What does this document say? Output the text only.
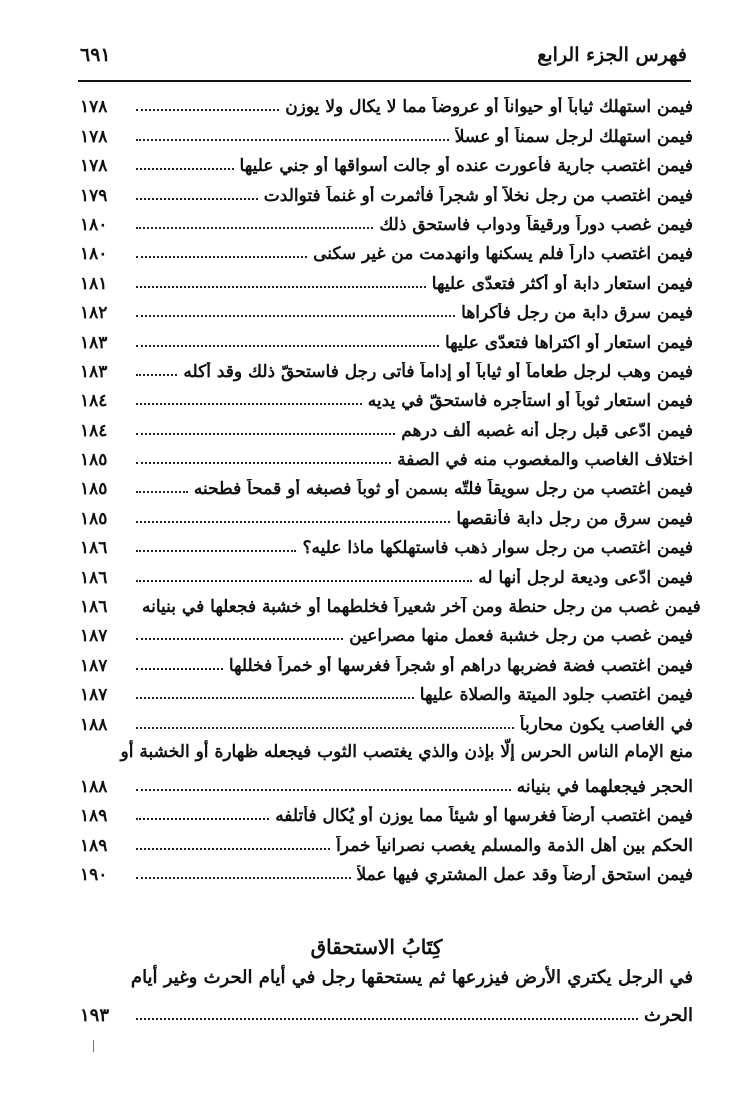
فهرس الجزء الرابع
٦٩١
١٧٨	فيمن استهلك ثياباً أو حيواناً أو عروضاً مما لا يكال ولا يوزن
١٧٨	فيمن استهلك لرجل سمناً أو عسلاً
١٧٨	فيمن اغتصب جارية فأعورت عنده أو جالت أسواقها أو جني عليها
١٧٩	فيمن اغتصب من رجل نخلاً أو شجراً فأثمرت أو غنماً فتوالدت
١٨٠	فيمن غصب دوراً ورقيقاً ودواب فاستحق ذلك
١٨٠	فيمن اغتصب داراً فلم يسكنها وانهدمت من غير سكنى
١٨١	فيمن استعار دابة أو أكثر فتعدّى عليها
١٨٢	فيمن سرق دابة من رجل فأكراها
١٨٣	فيمن استعار أو اكتراها فتعدّى عليها
١٨٣	فيمن وهب لرجل طعاماً أو ثياباً أو إداماً فأتى رجل فاستحقّ ذلك وقد أكله
١٨٤	فيمن استعار ثوباً أو استأجره فاستحقّ في يديه
١٨٤	فيمن ادّعى قبل رجل أنه غصبه ألف درهم
١٨٥	اختلاف الغاصب والمغصوب منه في الصفة
١٨٥	فيمن اغتصب من رجل سويقاً فلتّه بسمن أو ثوباً فصبغه أو قمحاً فطحنه
١٨٥	فيمن سرق من رجل دابة فأنقصها
١٨٦	فيمن اغتصب من رجل سوار ذهب فاستهلكها ماذا عليه؟
١٨٦	فيمن ادّعى وديعة لرجل أنها له
١٨٦	فيمن غصب من رجل حنطة ومن آخر شعيراً فخلطهما أو خشبة فجعلها في بنيانه
١٨٧	فيمن غصب من رجل خشبة فعمل منها مصراعين
١٨٧	فيمن اغتصب فضة فضربها دراهم أو شجراً فغرسها أو خمراً فخللها
١٨٧	فيمن اغتصب جلود الميتة والصلاة عليها
١٨٨	في الغاصب يكون محارباً
منع الإمام الناس الحرس إلّا بإذن والذي يغتصب الثوب فيجعله ظهارة أو الخشبة أو
١٨٨	الحجر فيجعلهما في بنيانه
١٨٩	فيمن اغتصب أرضاً فغرسها أو شيئاً مما يوزن أو يُكال فأتلفه
١٨٩	الحكم بين أهل الذمة والمسلم يغصب نصرانياً خمراً
١٩٠	فيمن استحق أرضاً وقد عمل المشتري فيها عملاً
كِتَابُ الاستحقاق
في الرجل يكتري الأرض فيزرعها ثم يستحقها رجل في أيام الحرث وغير أيام
١٩٣	الحرث
